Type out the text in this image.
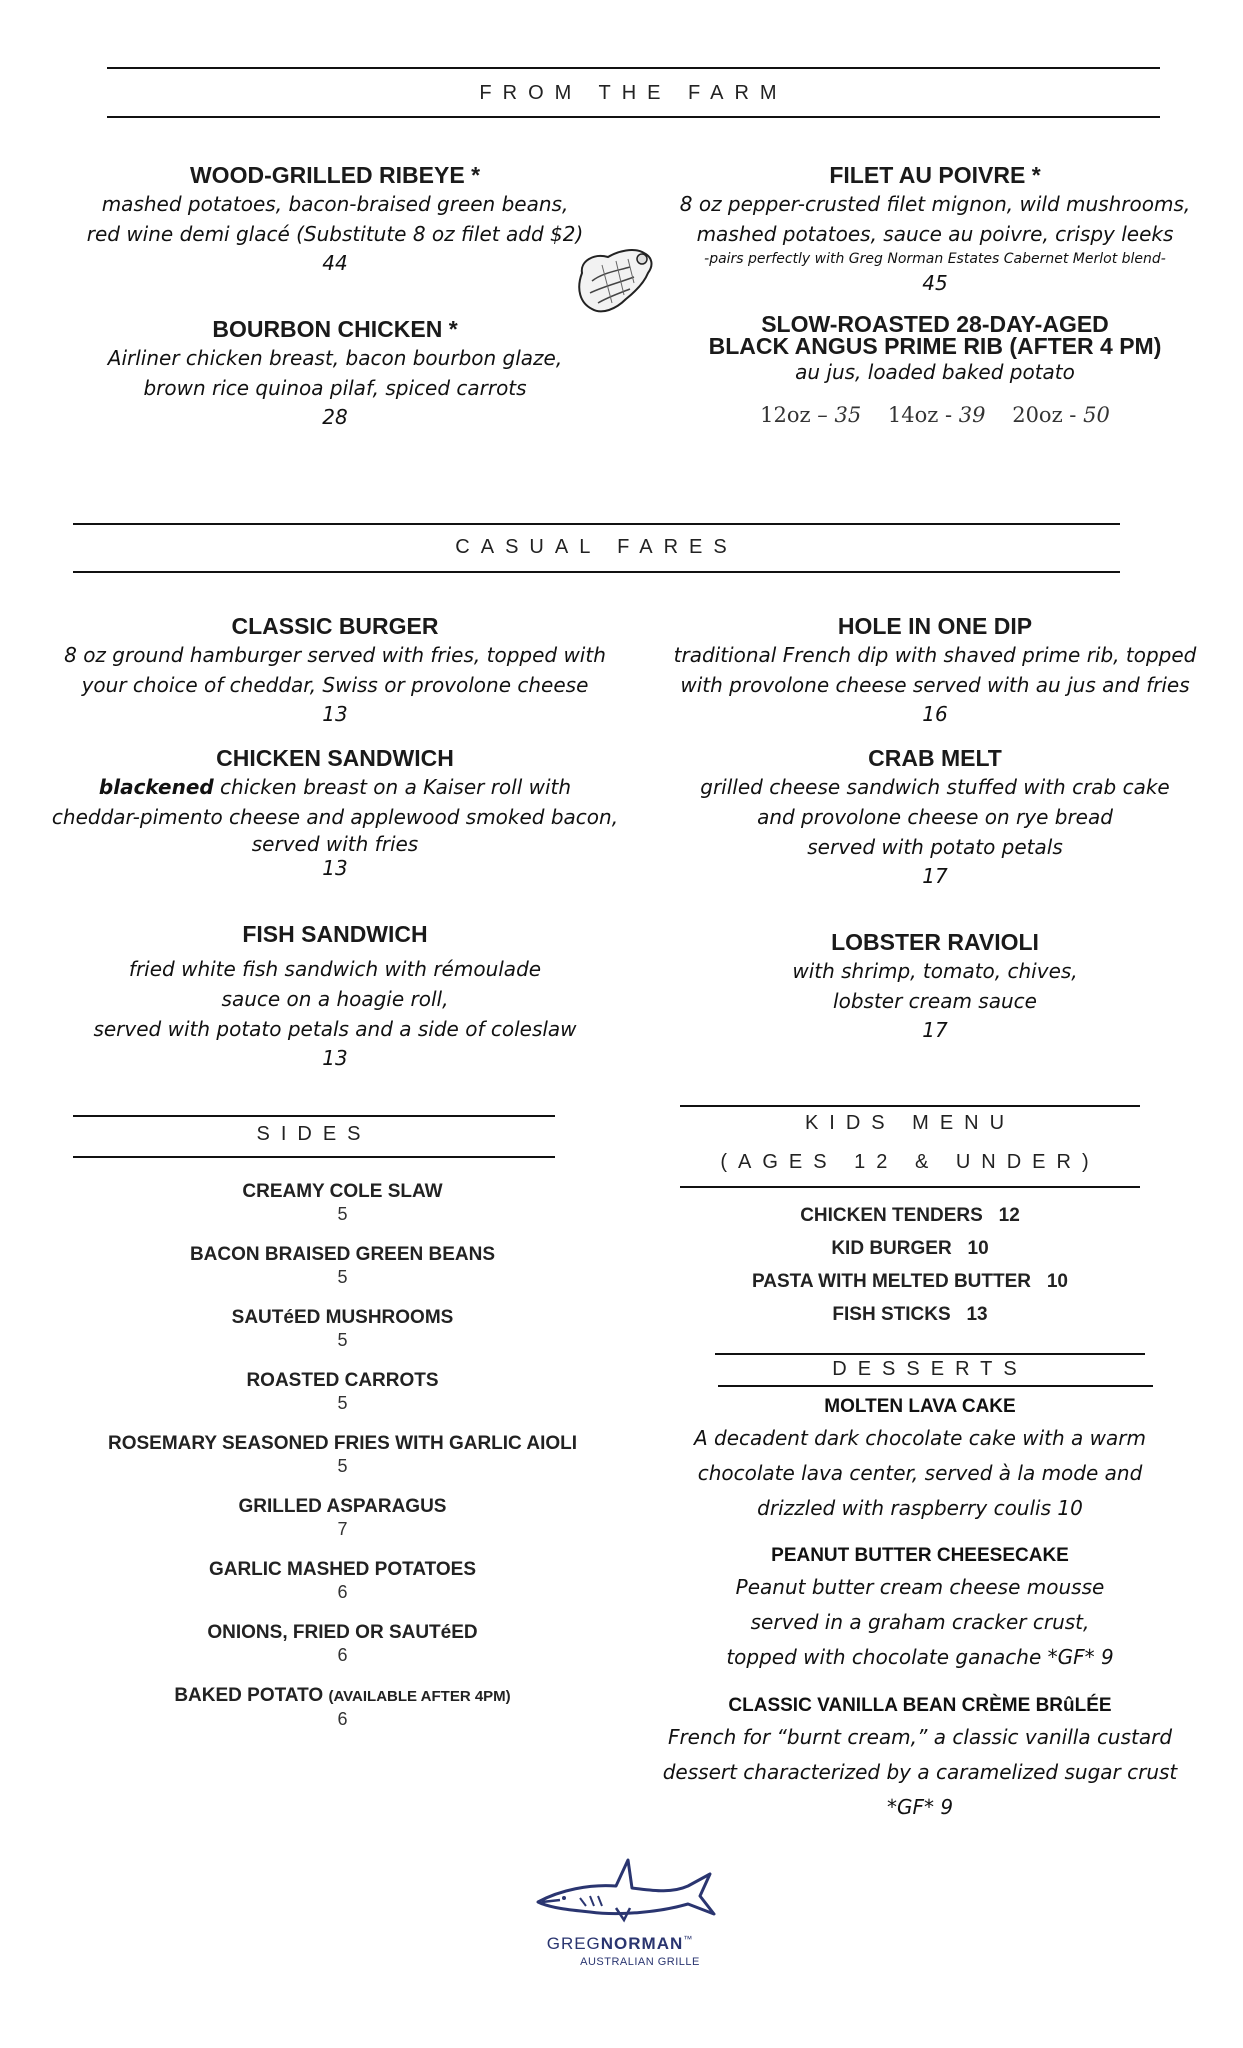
FROM THE FARM
WOOD-GRILLED RIBEYE *
mashed potatoes, bacon-braised green beans,
red wine demi glacé (Substitute 8 oz filet add $2)
44
FILET AU POIVRE *
8 oz pepper-crusted filet mignon, wild mushrooms,
mashed potatoes, sauce au poivre, crispy leeks
-pairs perfectly with Greg Norman Estates Cabernet Merlot blend-
45
BOURBON CHICKEN *
Airliner chicken breast, bacon bourbon glaze,
brown rice quinoa pilaf, spiced carrots
28
SLOW-ROASTED 28-DAY-AGED
BLACK ANGUS PRIME RIB (AFTER 4 PM)
au jus, loaded baked potato
12oz – 35 14oz - 39 20oz - 50
CASUAL FARES
CLASSIC BURGER
8 oz ground hamburger served with fries, topped with
your choice of cheddar, Swiss or provolone cheese
13
HOLE IN ONE DIP
traditional French dip with shaved prime rib, topped
with provolone cheese served with au jus and fries
16
CHICKEN SANDWICH
blackened chicken breast on a Kaiser roll with
cheddar-pimento cheese and applewood smoked bacon,
served with fries
13
CRAB MELT
grilled cheese sandwich stuffed with crab cake
and provolone cheese on rye bread
served with potato petals
17
FISH SANDWICH
fried white fish sandwich with rémoulade
sauce on a hoagie roll,
served with potato petals and a side of coleslaw
13
LOBSTER RAVIOLI
with shrimp, tomato, chives,
lobster cream sauce
17
SIDES
CREAMY COLE SLAW
5
BACON BRAISED GREEN BEANS
5
SAUTéED MUSHROOMS
5
ROASTED CARROTS
5
ROSEMARY SEASONED FRIES WITH GARLIC AIOLI
5
GRILLED ASPARAGUS
7
GARLIC MASHED POTATOES
6
ONIONS, FRIED OR SAUTéED
6
BAKED POTATO (AVAILABLE AFTER 4PM)
6
KIDS MENU
(AGES 12 & UNDER)
CHICKEN TENDERS 12
KID BURGER 10
PASTA WITH MELTED BUTTER 10
FISH STICKS 13
DESSERTS
MOLTEN LAVA CAKE
A decadent dark chocolate cake with a warm
chocolate lava center, served à la mode and
drizzled with raspberry coulis 10
PEANUT BUTTER CHEESECAKE
Peanut butter cream cheese mousse
served in a graham cracker crust,
topped with chocolate ganache *GF* 9
CLASSIC VANILLA BEAN CRÈME BRûLÉE
French for “burnt cream,” a classic vanilla custard
dessert characterized by a caramelized sugar crust
*GF* 9
GREGNORMAN™
AUSTRALIAN GRILLE
